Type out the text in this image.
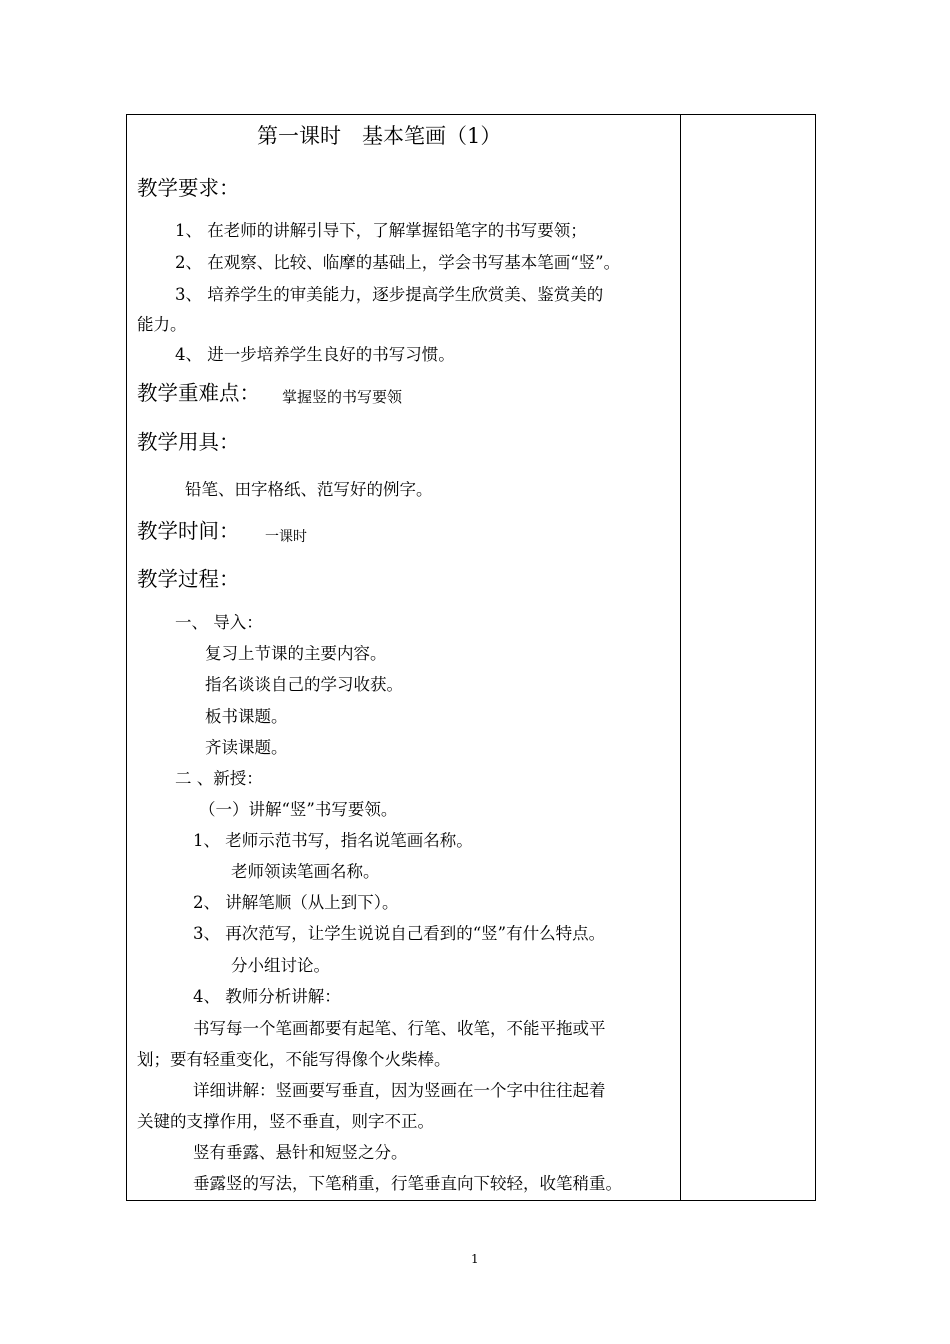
第一课时　基本笔画（1）
教学要求：
1、 在老师的讲解引导下，了解掌握铅笔字的书写要领；
2、 在观察、比较、临摩的基础上，学会书写基本笔画“竖”。
3、 培养学生的审美能力，逐步提高学生欣赏美、鉴赏美的
能力。
4、 进一步培养学生良好的书写习惯。
教学重难点： 掌握竖的书写要领
教学用具：
铅笔、田字格纸、范写好的例字。
教学时间： 一课时
教学过程：
一、 导入：
复习上节课的主要内容。
指名谈谈自己的学习收获。
板书课题。
齐读课题。
二 、新授：
（一）讲解“竖”书写要领。
1、 老师示范书写，指名说笔画名称。
老师领读笔画名称。
2、 讲解笔顺（从上到下）。
3、 再次范写，让学生说说自己看到的“竖”有什么特点。
分小组讨论。
4、 教师分析讲解：
书写每一个笔画都要有起笔、行笔、收笔，不能平拖或平
划；要有轻重变化，不能写得像个火柴棒。
详细讲解：竖画要写垂直，因为竖画在一个字中往往起着
关键的支撑作用，竖不垂直，则字不正。
竖有垂露、悬针和短竖之分。
垂露竖的写法，下笔稍重，行笔垂直向下较轻，收笔稍重。
1
